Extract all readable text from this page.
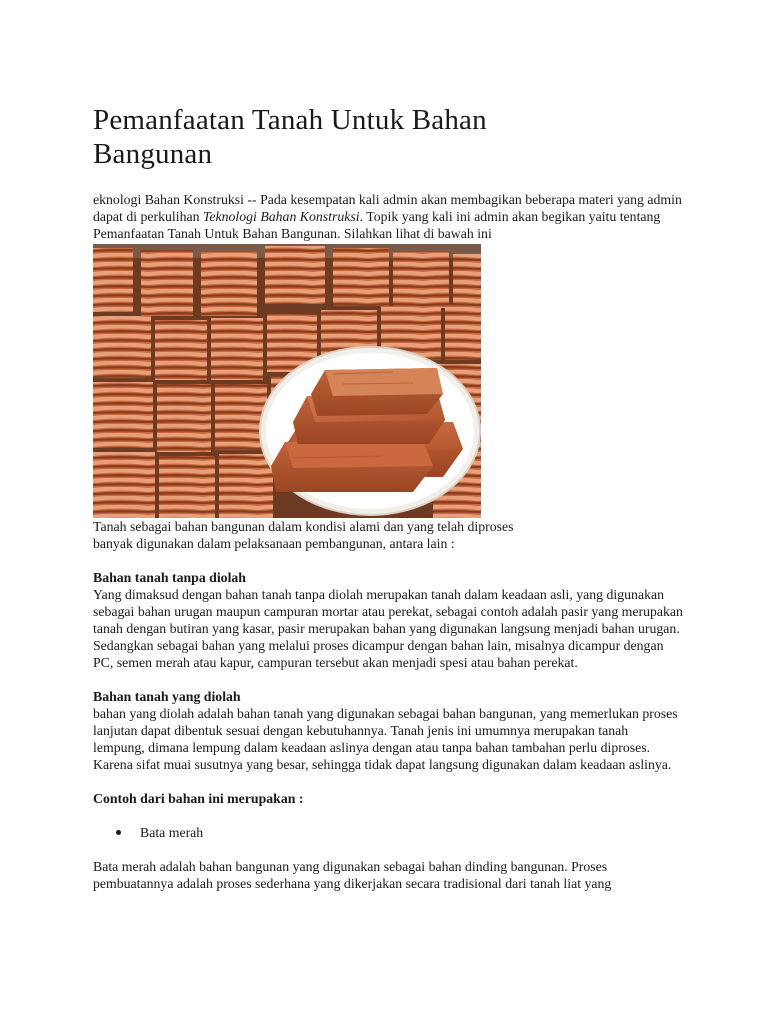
Pemanfaatan Tanah Untuk Bahan Bangunan

eknologi Bahan Konstruksi -- Pada kesempatan kali admin akan membagikan beberapa materi yang admin dapat di perkulihan Teknologi Bahan Konstruksi. Topik yang kali ini admin akan begikan yaitu tentang Pemanfaatan Tanah Untuk Bahan Bangunan. Silahkan lihat di bawah ini

Tanah sebagai bahan bangunan dalam kondisi alami dan yang telah diproses
banyak digunakan dalam pelaksanaan pembangunan, antara lain :
Bahan tanah tanpa diolah
Yang dimaksud dengan bahan tanah tanpa diolah merupakan tanah dalam keadaan asli, yang digunakan sebagai bahan urugan maupun campuran mortar atau perekat, sebagai contoh adalah pasir yang merupakan tanah dengan butiran yang kasar, pasir merupakan bahan yang digunakan langsung menjadi bahan urugan. Sedangkan sebagai bahan yang melalui proses dicampur dengan bahan lain, misalnya dicampur dengan PC, semen merah atau kapur, campuran tersebut akan menjadi spesi atau bahan perekat.
Bahan tanah yang diolah
bahan yang diolah adalah bahan tanah yang digunakan sebagai bahan bangunan, yang memerlukan proses lanjutan dapat dibentuk sesuai dengan kebutuhannya. Tanah jenis ini umumnya merupakan tanah lempung, dimana lempung dalam keadaan aslinya dengan atau tanpa bahan tambahan perlu diproses. Karena sifat muai susutnya yang besar, sehingga tidak dapat langsung digunakan dalam keadaan aslinya.
Contoh dari bahan ini merupakan :
Bata merah
Bata merah adalah bahan bangunan yang digunakan sebagai bahan dinding bangunan. Proses pembuatannya adalah proses sederhana yang dikerjakan secara tradisional dari tanah liat yang
